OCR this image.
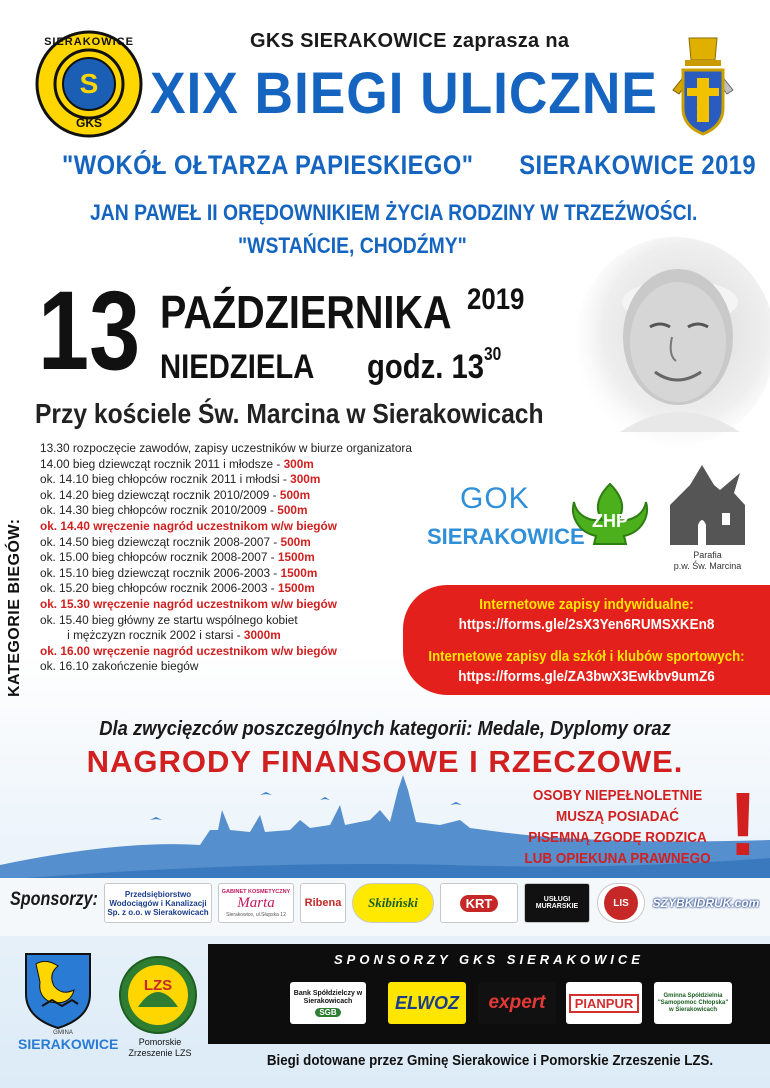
S
SIERAKOWICE
GKS
M
GKS SIERAKOWICE zaprasza na
XIX BIEGI ULICZNE
"WOKÓŁ OŁTARZA PAPIESKIEGO" SIERAKOWICE 2019
JAN PAWEŁ II ORĘDOWNIKIEM ŻYCIA RODZINY W TRZEŹWOŚCI.
"WSTAŃCIE, CHODŹMY"
13 PAŹDZIERNIKA 2019
NIEDZIELA godz. $13^{30}$
Przy kościele Św. Marcina w Sierakowicach
GOK
SIERAKOWICE
ZHP
Parafia
p.w. Św. Marcina
KATEGORIE BIEGÓW:
13.30 rozpoczęcie zawodów, zapisy uczestników w biurze organizatora
14.00 bieg dziewcząt rocznik 2011 i młodsze - 300m
ok. 14.10 bieg chłopców rocznik 2011 i młodsi - 300m
ok. 14.20 bieg dziewcząt rocznik 2010/2009 - 500m
ok. 14.30 bieg chłopców rocznik 2010/2009 - 500m
ok. 14.40 wręczenie nagród uczestnikom w/w biegów
ok. 14.50 bieg dziewcząt rocznik 2008-2007 - 500m
ok. 15.00 bieg chłopców rocznik 2008-2007 - 1500m
ok. 15.10 bieg dziewcząt rocznik 2006-2003 - 1500m
ok. 15.20 bieg chłopców rocznik 2006-2003 - 1500m
ok. 15.30 wręczenie nagród uczestnikom w/w biegów
ok. 15.40 bieg główny ze startu wspólnego kobiet
i mężczyzn rocznik 2002 i starsi - 3000m
ok. 16.00 wręczenie nagród uczestnikom w/w biegów
ok. 16.10 zakończenie biegów
Internetowe zapisy indywidualne:
https://forms.gle/2sX3Yen6RUMSXKEn8
Internetowe zapisy dla szkół i klubów sportowych:
https://forms.gle/ZA3bwX3Ewkbv9umZ6
Dla zwycięzców poszczególnych kategorii: Medale, Dyplomy oraz
NAGRODY FINANSOWE I RZECZOWE.
OSOBY NIEPEŁNOLETNIE
MUSZĄ POSIADAĆ
PISEMNĄ ZGODĘ RODZICA
LUB OPIEKUNA PRAWNEGO !
Sponsorzy:	Przedsiębiorstwo Wodociągów i Kanalizacji Sp. z o.o. w Sierakowicach
GABINET KOSMETYCZNY
Marta
Sierakowice, ul.Słupska 12
Ribena Skibiński	KRT	USŁUGI MURARSKIE	LIS	SZYBKIDRUK.com
SPONSORZY GKS SIERAKOWICE
Bank Spółdzielczy w Sierakowicach
SGB	ELWOZ expert	PIANPUR	Gminna Spółdzielnia "Samopomoc Chłopska" w Sierakowicach
GMINA
SIERAKOWICE
LZS
Pomorskie Zrzeszenie LZS	Biegi dotowane przez Gminę Sierakowice i Pomorskie Zrzeszenie LZS.
